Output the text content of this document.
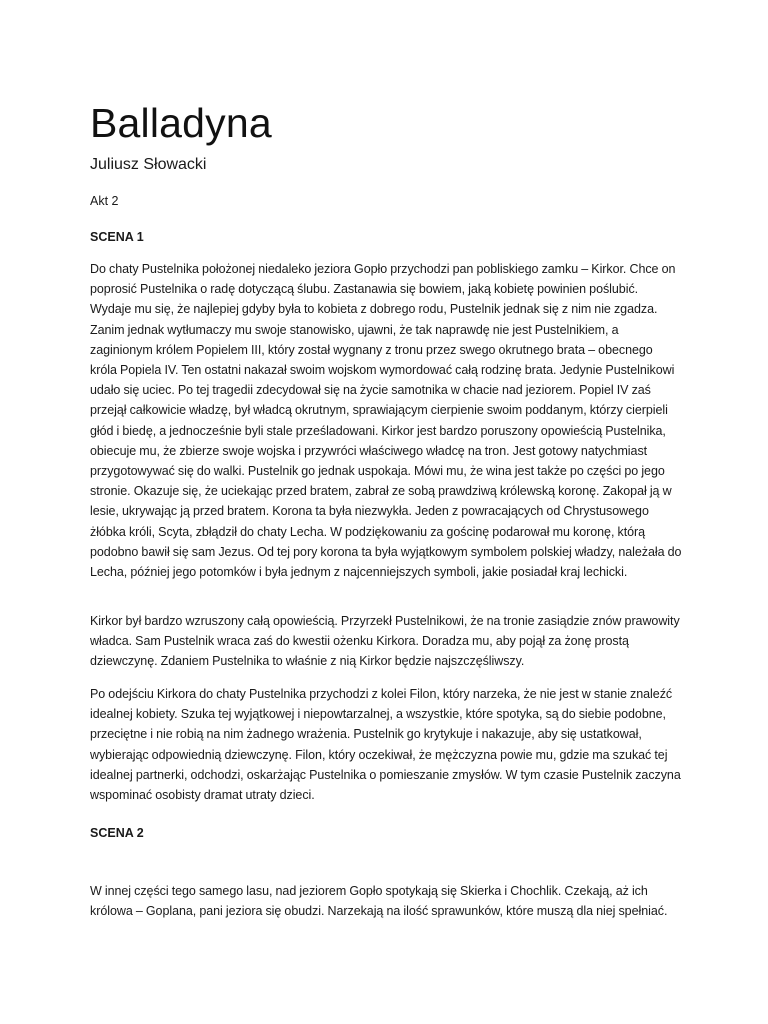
Balladyna

Juliusz Słowacki

Akt 2

SCENA 1

Do chaty Pustelnika położonej niedaleko jeziora Gopło przychodzi pan pobliskiego zamku – Kirkor. Chce on poprosić Pustelnika o radę dotyczącą ślubu. Zastanawia się bowiem, jaką kobietę powinien poślubić. Wydaje mu się, że najlepiej gdyby była to kobieta z dobrego rodu, Pustelnik jednak się z nim nie zgadza. Zanim jednak wytłumaczy mu swoje stanowisko, ujawni, że tak naprawdę nie jest Pustelnikiem, a zaginionym królem Popielem III, który został wygnany z tronu przez swego okrutnego brata – obecnego króla Popiela IV. Ten ostatni nakazał swoim wojskom wymordować całą rodzinę brata. Jedynie Pustelnikowi udało się uciec. Po tej tragedii zdecydował się na życie samotnika w chacie nad jeziorem. Popiel IV zaś przejął całkowicie władzę, był władcą okrutnym, sprawiającym cierpienie swoim poddanym, którzy cierpieli głód i biedę, a jednocześnie byli stale prześladowani. Kirkor jest bardzo poruszony opowieścią Pustelnika, obiecuje mu, że zbierze swoje wojska i przywróci właściwego władcę na tron. Jest gotowy natychmiast przygotowywać się do walki. Pustelnik go jednak uspokaja. Mówi mu, że wina jest także po części po jego stronie. Okazuje się, że uciekając przed bratem, zabrał ze sobą prawdziwą królewską koronę. Zakopał ją w lesie, ukrywając ją przed bratem. Korona ta była niezwykła. Jeden z powracających od Chrystusowego żłóbka króli, Scyta, zbłądził do chaty Lecha. W podziękowaniu za gościnę podarował mu koronę, którą podobno bawił się sam Jezus. Od tej pory korona ta była wyjątkowym symbolem polskiej władzy, należała do Lecha, później jego potomków i była jednym z najcenniejszych symboli, jakie posiadał kraj lechicki.

Kirkor był bardzo wzruszony całą opowieścią. Przyrzekł Pustelnikowi, że na tronie zasiądzie znów prawowity władca. Sam Pustelnik wraca zaś do kwestii ożenku Kirkora. Doradza mu, aby pojął za żonę prostą dziewczynę. Zdaniem Pustelnika to właśnie z nią Kirkor będzie najszczęśliwszy.

Po odejściu Kirkora do chaty Pustelnika przychodzi z kolei Filon, który narzeka, że nie jest w stanie znaleźć idealnej kobiety. Szuka tej wyjątkowej i niepowtarzalnej, a wszystkie, które spotyka, są do siebie podobne, przeciętne i nie robią na nim żadnego wrażenia. Pustelnik go krytykuje i nakazuje, aby się ustatkował, wybierając odpowiednią dziewczynę. Filon, który oczekiwał, że mężczyzna powie mu, gdzie ma szukać tej idealnej partnerki, odchodzi, oskarżając Pustelnika o pomieszanie zmysłów. W tym czasie Pustelnik zaczyna wspominać osobisty dramat utraty dzieci.

SCENA 2

W innej części tego samego lasu, nad jeziorem Gopło spotykają się Skierka i Chochlik. Czekają, aż ich królowa – Goplana, pani jeziora się obudzi. Narzekają na ilość sprawunków, które muszą dla niej spełniać.
